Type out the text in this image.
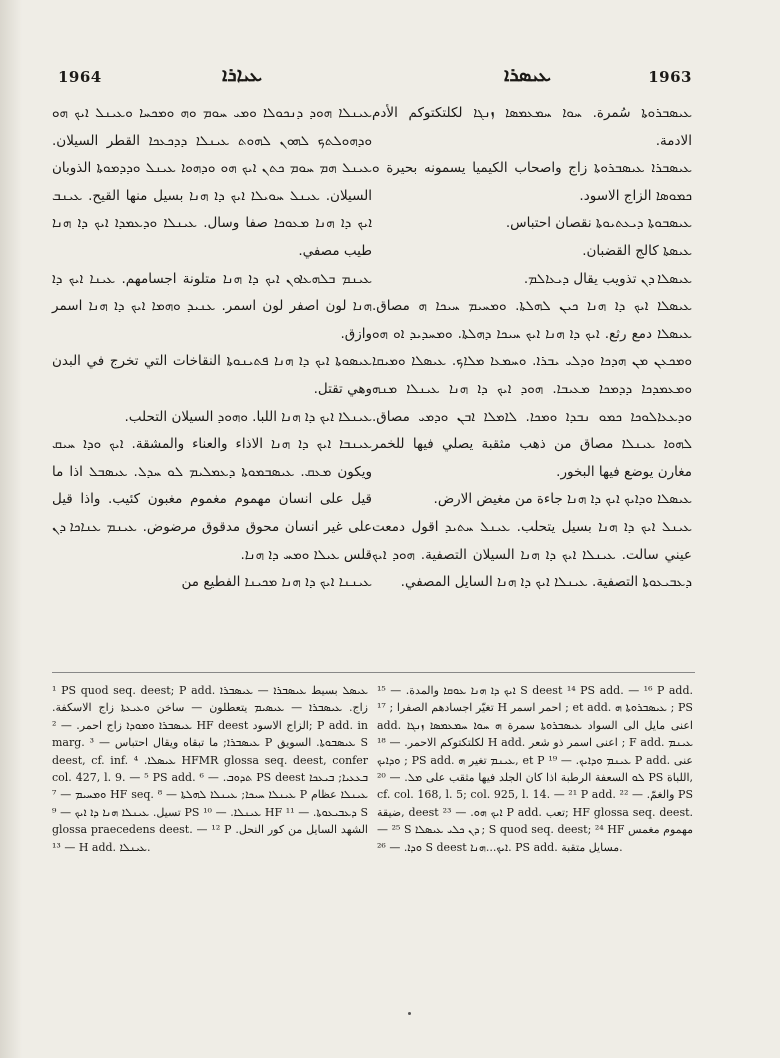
1964	ܥܝܐܪܐ	ܥܝܣܪܐ	1963

ܥܝܢܠܐ ܗܘܕ ܕܢܟܘܠܐ ܘܡܝ ܚܘܡ ܘܗ ܘܡܟܚܐ ܘܥܝܢܠ ܐܝܟ ܗܘ ܘܕܗܘܠܬܟ ܠܗܘܢ ܠܗܘܬ ܥܝܢܠܐ ܕܕܟܥܟܐ القطر السيلان. ܥܝܢܠ ܗܡ ܚܘܡ ܟܬܢ ܐܝܟ ܗܘ ܘܕܗܘܐ ܥܝܢܠ ܘܕܕܡܘܬܐ الذوبان السيلان. ܥܝܢܠ ܚܘܝܠܐ ܐܝܟ ܕܐ ܗܢܐ بسيل منها القيح. ܥܝܢܒ ܐܝܟ ܕܐ ܗܢܐ ܡܥܘܟܐ صفا وسال. ܥܝܢܠܐ ܘܕܥܡܕܐ ܐܝܟ ܕܐ ܗܢܐ طيب مصفي.

ܥܝܢܡ ܒܠܗܥܐܘܢ ܐܝܟ ܕܐ ܗܢܐ متلونة اجسامهم. ܥܝܢܐ ܐܝܟ ܕܐ ܗܢܐ لون اصفر لون اسمر. ܥܢܝܕ ܘܗܡܐ ܐܝܟ ܕܐ ܗܢܐ اسمر وازق.

ܥܝܣܘܬܐ ܐܝܟ ܕܐ ܗܢܐ ܦܬܝܢܘܬܐ النقاخات التي تخرج في البدن وهي تقتل.

ܥܝܢܠܐ ܐܝܟ ܕܐ ܗܢܐ اللبا. ܘܗܘܕ السيلان التحلب.

ܥܝܢܒܐ ܐܝܟ ܕܐ ܗܢܐ الاذاء والعناء والمشقة. ܐܝܟ ܘܕܐ ܚܝܩ ويكون ܡܥܩ. ܥܝܣܒܡܘܬܐ ܕܥܡܠܝܡ ܠܘ ܚܕܠ. ܥܝܣܒܠ اذا ما قيل على انسان مهموم مغموم مغبون كئيب. واذا قيل على غير انسان محوق مدقوق مرضوض. ܥܝܢܡ ܥܢܐܟܐ ܕܢ قلس ܥܝܠܐ ܘܡܚ ܕܐ ܗܢܐ.

ܥܝܢܢܐ ܐܝܟ ܕܐ ܗܢܐ ܡܟܝܢܐ الفطيع من

ܥܝܣܒܪܘܬܐ سُمرة. ܚܘܐ ܚܡܥܡܣܐ ܙܢܓܐ لكلتكتوكم الأدم الادمة.

ܥܝܣܒܪܐ ܥܝܣܒܪܘܬܐ زاج واصحاب الكيميا يسمونه بحيرة ܘ ܟܡܘܣܐ الزاج الاسود.

ܥܝܣܒܘܬܐ ܕܝܥܬܝܘܬܐ نقصان احتباس.

ܥܝܣܬܐ كالج القضبان.

ܥܝܣܠܐ ܕܢ تذويب يقال ܕܝܥܐܠܡ.

ܥܝܣܠܐ ܐܝܟ ܕܐ ܗܢܐ ܟܝܢ ܠܗܠܬܐ. ܘܡܚܝܡ ܚܝܟܐ ܗ مصاق. ܥܝܣܠܐ دمع رثع. ܐܝܟ ܕܐ ܗܢܐ ܐܝܟ ܚܝܟܐ ܕܗܠܬܐ. ܘܡܚܕܝܕ ܐܘ ܗܘ ܘܡܟܥܢ ܡܢ ܗܕܟܐ ܘܕܠܝ ܝܒܪܐ. ܘܚܡܥܐ ܡܠܐܟ. ܥܝܣܠܐ ܘܡܝܩܐ ܘܡܥܡܕܟܐ ܕܕܡܟܐ ܡܥܝܒܐ. ܗܘܕ ܐܝܟ ܕܐ ܗܢܐ ܥܝܢܠܐ ܡܢܗ ܘܕܥܥܐܠܘܟܐ ܟܡܘ ܢܒܕܐ ܘܡܟܐ. ܠܐܡܠܐ ܐܒܢ ܘܕܡܝ مصاق. ܠܗܘܐ ܥܝܢܠܐ مصاق من ذهب مثقبة يصلي فيها للخمر مغارن يوضع فيها البخور.

ܥܝܣܠܐ ܘܕܐܝܟ ܐܝܟ ܕܐ ܗܢܐ جاءة من مغيض الارض.

ܥܝܢܠ ܐܝܟ ܕܐ ܗܢܐ بسيل يتحلب. ܥܝܢܠ ܚܬܝܕ اقول دمعت عيني سالت. ܥܝܢܠܐ ܐܝܟ ܕܐ ܗܢܐ السيلان التصفية. ܗܘܕ ܐܝܟ ܕܥܒܝܥܘܬܐ التصفية. ܥܝܢܠܐ ܐܝܟ ܕܐ ܗܢܐ السايل المصفي.

¹ PS quod seq. deest; P add. ܥܝܣܠ بسيط ܥܝܣܒܪܐ — ܥܝܣܒܪܐ زاج. ܥܝܣܒܪܐ — ܥܝܣܝܡ يتعطلون — ساخن ܘܥܝܥܬܐ زاج الاسكفة. ܥܝܣܒܪܐ ܘܡܘܕܐ زاج احمر. — ² HF deest الزاج الاسود; P add. in marg. ܥܝܣܒܪܐ; ما تبقاه ويقال احتباس — ³ P ܥܝܣܒܘܬܐ. السويق S deest, cf. inf. ܥܝܣܠܐ. ⁴ HFMR glossa seq. deest, confer col. 427, l. 9. — ⁵ PS add. ܬܕܘܒ. — ⁶ PS deest ܒܥܥܝܐ; ܒܝܥܟܐ ܘܡܚܝܡ — ⁷ HF seq. ܥܝܢܠܐ ܚܝܟܐ; ܥܝܢܠܐ ܠܗܠܬܐ — ⁸ P ܥܝܢܠܐ عظام تسيل. ܥܝܢܠܐ ܗܢܐ ܕܐ ܐܝܟ — ⁹ PS ܥܝܢܠܐ. — ¹⁰ HF ܕܥܒܝܥܘܬܐ. — ¹¹ S glossa praecedens deest. — ¹² P الشهد السايل من كور النحل. — ¹³ H add. ܥܝܢܠܐ.

ܐܝܟ ܕܐ ܗܢܐ ܥܘܩܐ والمدة. — ¹⁵ S deest ¹⁴ PS add. — ¹⁶ P add. تغيّر اجسادهم الصفرا ; ¹⁷ H احمر اسمر ; et add. ܥܝܣܒܪܘܬܐ ܗ ; PS add. اعنى مايل الى السواد ܥܝܣܒܪܘܬܐ سمرة ܗ ܚܘܐ ܚܡܥܡܣܐ ܙܢܓܐ لكلتكتوكم الاحمر. — ¹⁸ H add. اعنى اسمر ذو شعر ; F add. ܥܝܢܡ ܘܕܐܝܟ ; PS add. ܥܝܢܡ تغير ܗ, et P ܥܝܢܡ ܘܕܐܝܟ. — ¹⁹ P add. عنى ܠܘ السعفة الرطبة اذا كان الجلد فيها مثقب على ܡܠ. — ²⁰ PS اللباة, cf. col. 168, l. 5; col. 925, l. 14. — ²¹ P add. والغمّ. — ²² PS ضيقة, deest ܐܝܟ ܗܘ. — ²³ P add. تعب; HF glossa seq. deest. — ²⁵ S ܕܢ ܟܠܝ ܥܝܣܠܐ ; S quod seq. deest; ²⁴ HF مهموم مغمس ܘܕܐ. — ²⁶ S deest ܐܝܟ...ܗܢܐ. PS add. مسايل متقبة.
